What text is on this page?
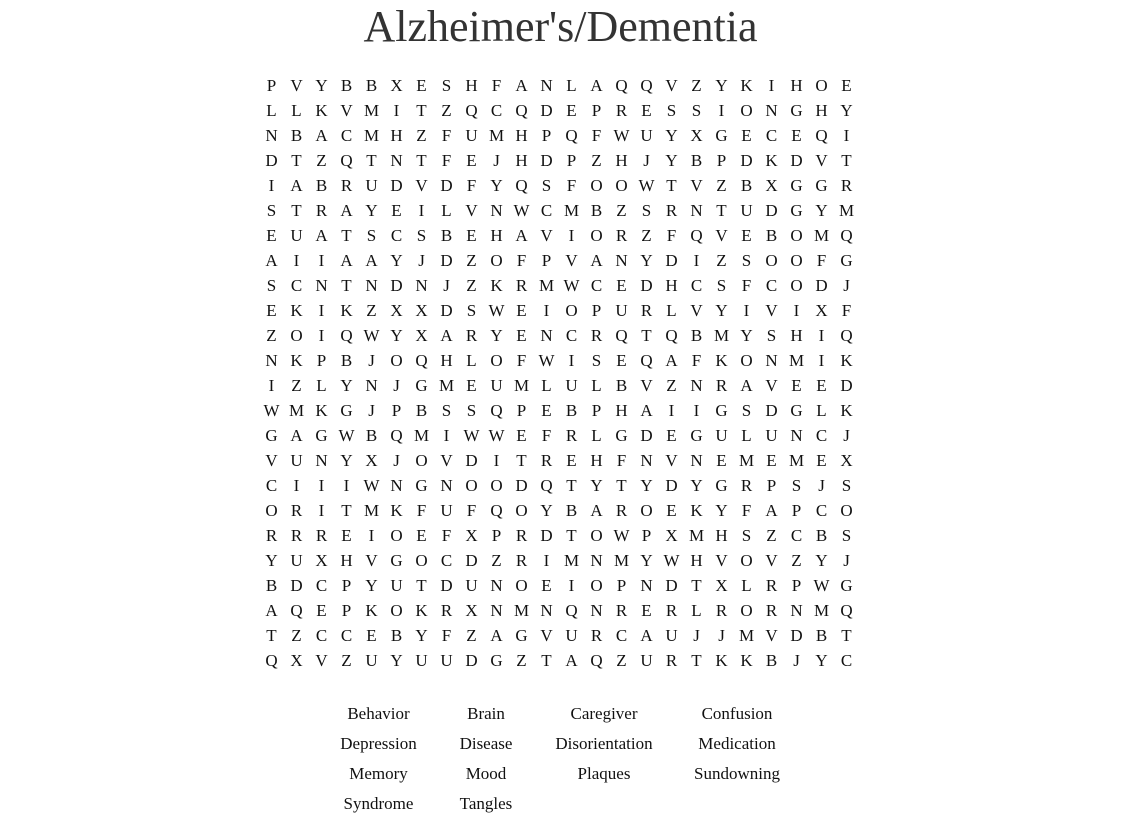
Alzheimer's/Dementia
P V Y B B X E S H F A N L A Q Q V Z Y K I H O E
L L K V M I T Z Q C Q D E P R E S S	I O N G H Y
N B A C M H Z F U M H P Q F W U Y X G E C E Q I
D T Z Q T N T F E J H D P Z H J Y B P D K D V T
I A B R U D V D F Y Q S F O O W T V Z B X G G R
S T R A Y E I L V N W C M B Z S R N T U D G Y M
E U A T S C S B E H A V I O R Z F Q V E B O M Q
A I	I A A Y J D Z O F P V A N Y D I Z S O O F G
S C N T N D N J Z K R M W C E D H C S F C O D J
E K I K Z X X D S W E I O P U R L V Y I V I X F
Z O I Q W Y X A R Y E N C R Q T Q B M Y S H I Q
N K P B J O Q H L O F W I	S E Q A F K O N M I K
I Z L Y N J G M E U M L U L B V Z N R A V E E D
W M K G J P B S S Q P E B P H A I	I G S D G L K
G A G W B Q M I W W E F R L G D E G U L U N C J
V U N Y X J O V D I T R E H F N V N E M E M E X
C I	I	I W N G N O O D Q T Y T Y D Y G R P S J S
O R I T M K F U F Q O Y B A R O E K Y F A P C O
R R R E I O E F X P R D T O W P X M H S Z C B S
Y U X H V G O C D Z R I M N M Y W H V O V Z Y J
B D C P Y U T D U N O E I O P N D T X L R P W G
A Q E P K O K R X N M N Q N R E R L R O R N M Q
T Z C C E B Y F Z A G V U R C A U J	J M V D B T
Q X V Z U Y U U D G Z T A Q Z U R T K K B J Y C
Behavior	Brain	Caregiver	Confusion
Depression	Disease	Disorientation	Medication
Memory	Mood	Plaques	Sundowning
Syndrome	Tangles
